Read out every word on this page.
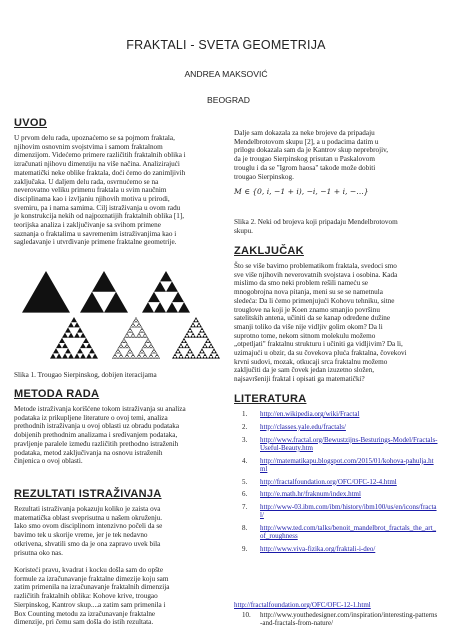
FRAKTALI - SVETA GEOMETRIJA
ANDREA MAKSOVIĆ
BEOGRAD
UVOD
U prvom delu rada, upoznaćemo se sa pojmom fraktala,
njihovim osnovnim svojstvima i samom fraktalnom
dimenzijom. Videćemo primere različitih fraktalnih oblika i
izračunati njihovu dimenziju na više načina. Analizirajući
matematički neke oblike fraktala, doći ćemo do zanimljivih
zaključaka. U daljem delu rada, osvrnućemo se na
neverovatno veliku primenu fraktala u svim naučnim
disciplinama kao i izvljaniu njihovih motiva u prirodi,
svemiru, pa i nama samima. Cilj istraživanja u ovom radu
je konstrukcija nekih od najpoznatijih fraktalnih oblika [1],
teorijska analiza i zaključivanje sa svihom primene
saznanja o fraktalima u savremenim istraživanjima kao i
sagledavanje i utvrđivanje primene fraktalne geometrije.
Slika 1. Trougao Sierpinskog, dobijen iteracijama
METODA RADA
Metode istraživanja korišćene tokom istraživanja su analiza
podataka iz prikupljene literature o ovoj temi, analiza
prethodnih istraživanja u ovoj oblasti uz obradu podataka
dobijenih prethodnim analizama i sređivanjem podataka,
pravljenje paralele između različitih prethodno istraženih
podataka, metod zaključivanja na osnovu istraženih
činjenica o ovoj oblasti.
REZULTATI ISTRAŽIVANJA
Rezultati istraživanja pokazuju koliko je zaista ova
matematička oblast sveprisutna u našem okruženju.
Iako smo ovom disciplinom intenzivno počeli da se
bavimo tek u skorije vreme, jer je tek nedavno
otkrivena, shvatili smo da je ona zapravo uvek bila
prisutna oko nas.
Koristeći pravu, kvadrat i kocku došla sam do opšte
formule za izračunavanje fraktalne dimezije koju sam
zatim primenila na izračunavanje fraktalnih dimenzija
različitih fraktalnih oblika: Kohove krive, trougao
Sierpinskog, Kantrov skup....a zatim sam primenila i
Box Counting metodu za izračunavanje fraktalne
dimenzije, pri čemu sam došla do istih rezultata.
Dalje sam dokazala za neke brojeve da pripadaju
Mendelbrotovom skupu [2], a u podacima datim u
prilogu dokazala sam da je Kantrov skup neprebrojiv,
da je trougao Sierpinskog prisutan u Paskalovom
trouglu i da se "Igrom haosa" takođe može dobiti
trougao Sierpinskog.
M ∈ {0, i, −1 + i), −i, −1 + i, −…}
Slika 2. Neki od brojeva koji pripadaju Mendelbrotovom
skupu.
ZAKLJUČAK
Što se više bavimo problematikom fraktala, svedoci smo
sve više njihovih neverovatnih svojstava i osobina. Kada
mislimo da smo neki problem rešili nameću se
mnogobrojna nova pitanja, meni su se se nametnula
sledeća: Da li ćemo primenjujući Kohovu tehniku, sitne
trouglove na koji je Koen znamo smanjio površinu
satelitskih antena, učiniti da se kanap određene dužine
smanji toliko da više nije vidljiv golim okom? Da li
suprotno tome, nekom sitnom molekulu možemo
„otpetljati" fraktalnu strukturu i učiniti ga vidljivim? Da li,
uzimajući u obzir, da su čovekova pluća fraktalna, čovekovi
krvni sudovi, mozak, otkucaji srca fraktalnu možemo
zaključiti da je sam čovek jedan izuzetno složen,
najsavršeniji fraktal i opisati ga matematički?
LITERATURA
1. http://en.wikipedia.org/wiki/Fractal
2. http://classes.yale.edu/fractals/
3. http://www.fractal.org/Bewustzijns-Besturings-Model/Fractals-Useful-Beauty.htm
4. http://matematikapu.blogspot.com/2015/01/kohova-pahulja.html
5. http://fractalfoundation.org/OFC/OFC-12-4.html
6. http://e.math.hr/fraknum/index.html
7. http://www-03.ibm.com/ibm/history/ibm100/us/en/icons/fractal/
8. http://www.ted.com/talks/benoit_mandelbrot_fractals_the_art_of_roughness
9. http://www.viva-fizika.org/fraktali-i-deo/
http://fractalfoundation.org/OFC/OFC-12-1.html
10. http://www.youthedesigner.com/inspiration/interesting-patterns-and-fractals-from-nature/
